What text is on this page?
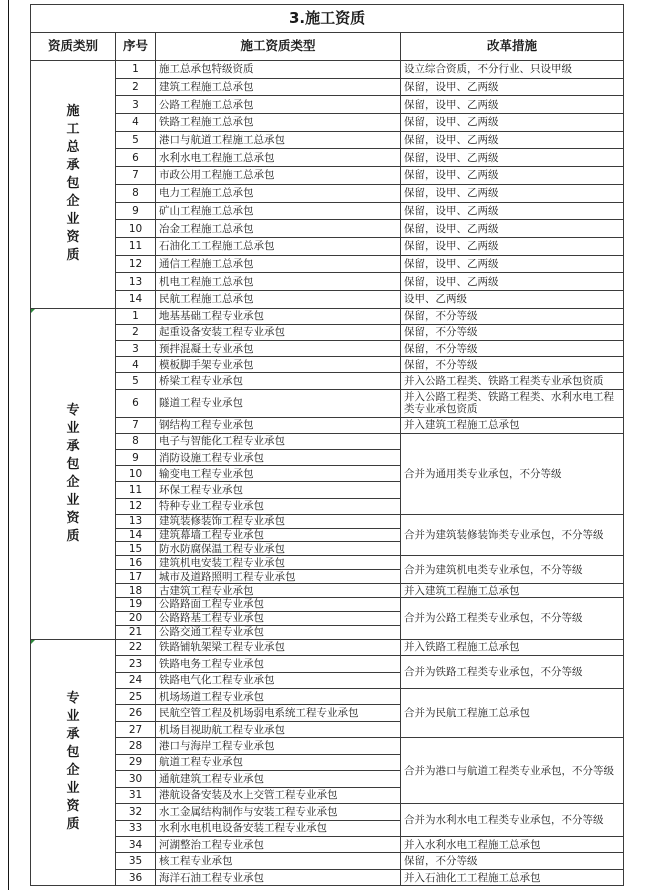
3.施工资质			
资质类别	序号	施工资质类型	改革措施
施工总承包企业资质	1	施工总承包特级资质	设立综合资质，不分行业、只设甲级
	2	建筑工程施工总承包	保留，设甲、乙两级
	3	公路工程施工总承包	保留，设甲、乙两级
	4	铁路工程施工总承包	保留，设甲、乙两级
	5	港口与航道工程施工总承包	保留，设甲、乙两级
	6	水利水电工程施工总承包	保留，设甲、乙两级
	7	市政公用工程施工总承包	保留，设甲、乙两级
	8	电力工程施工总承包	保留，设甲、乙两级
	9	矿山工程施工总承包	保留，设甲、乙两级
	10	冶金工程施工总承包	保留，设甲、乙两级
	11	石油化工工程施工总承包	保留，设甲、乙两级
	12	通信工程施工总承包	保留，设甲、乙两级
	13	机电工程施工总承包	保留，设甲、乙两级
	14	民航工程施工总承包	设甲、乙两级

专业承包企业资质	1	地基基础工程专业承包	保留，不分等级
	2	起重设备安装工程专业承包	保留，不分等级
	3	预拌混凝土专业承包	保留，不分等级
	4	模板脚手架专业承包	保留，不分等级
	5	桥梁工程专业承包	并入公路工程类、铁路工程类专业承包资质
	6	隧道工程专业承包	并入公路工程类、铁路工程类、水利水电工程类专业承包资质
	7	钢结构工程专业承包	并入建筑工程施工总承包
	8	电子与智能化工程专业承包	合并为通用类专业承包，不分等级
	9	消防设施工程专业承包	
	10	输变电工程专业承包	
	11	环保工程专业承包	
	12	特种专业工程专业承包	
	13	建筑装修装饰工程专业承包	合并为建筑装修装饰类专业承包，不分等级
	14	建筑幕墙工程专业承包	
	15	防水防腐保温工程专业承包	
	16	建筑机电安装工程专业承包	合并为建筑机电类专业承包，不分等级
	17	城市及道路照明工程专业承包	
	18	古建筑工程专业承包	并入建筑工程施工总承包
	19	公路路面工程专业承包	合并为公路工程类专业承包，不分等级
	20	公路路基工程专业承包	
	21	公路交通工程专业承包	

专业承包企业资质	22	铁路铺轨架梁工程专业承包	并入铁路工程施工总承包
	23	铁路电务工程专业承包	合并为铁路工程类专业承包，不分等级
	24	铁路电气化工程专业承包	
	25	机场场道工程专业承包	合并为民航工程施工总承包
	26	民航空管工程及机场弱电系统工程专业承包	
	27	机场目视助航工程专业承包	
	28	港口与海岸工程专业承包	合并为港口与航道工程类专业承包，不分等级
	29	航道工程专业承包	
	30	通航建筑工程专业承包	
	31	港航设备安装及水上交管工程专业承包	
	32	水工金属结构制作与安装工程专业承包	合并为水利水电工程类专业承包，不分等级
	33	水利水电机电设备安装工程专业承包	
	34	河湖整治工程专业承包	并入水利水电工程施工总承包
	35	核工程专业承包	保留，不分等级
	36	海洋石油工程专业承包	并入石油化工工程施工总承包
